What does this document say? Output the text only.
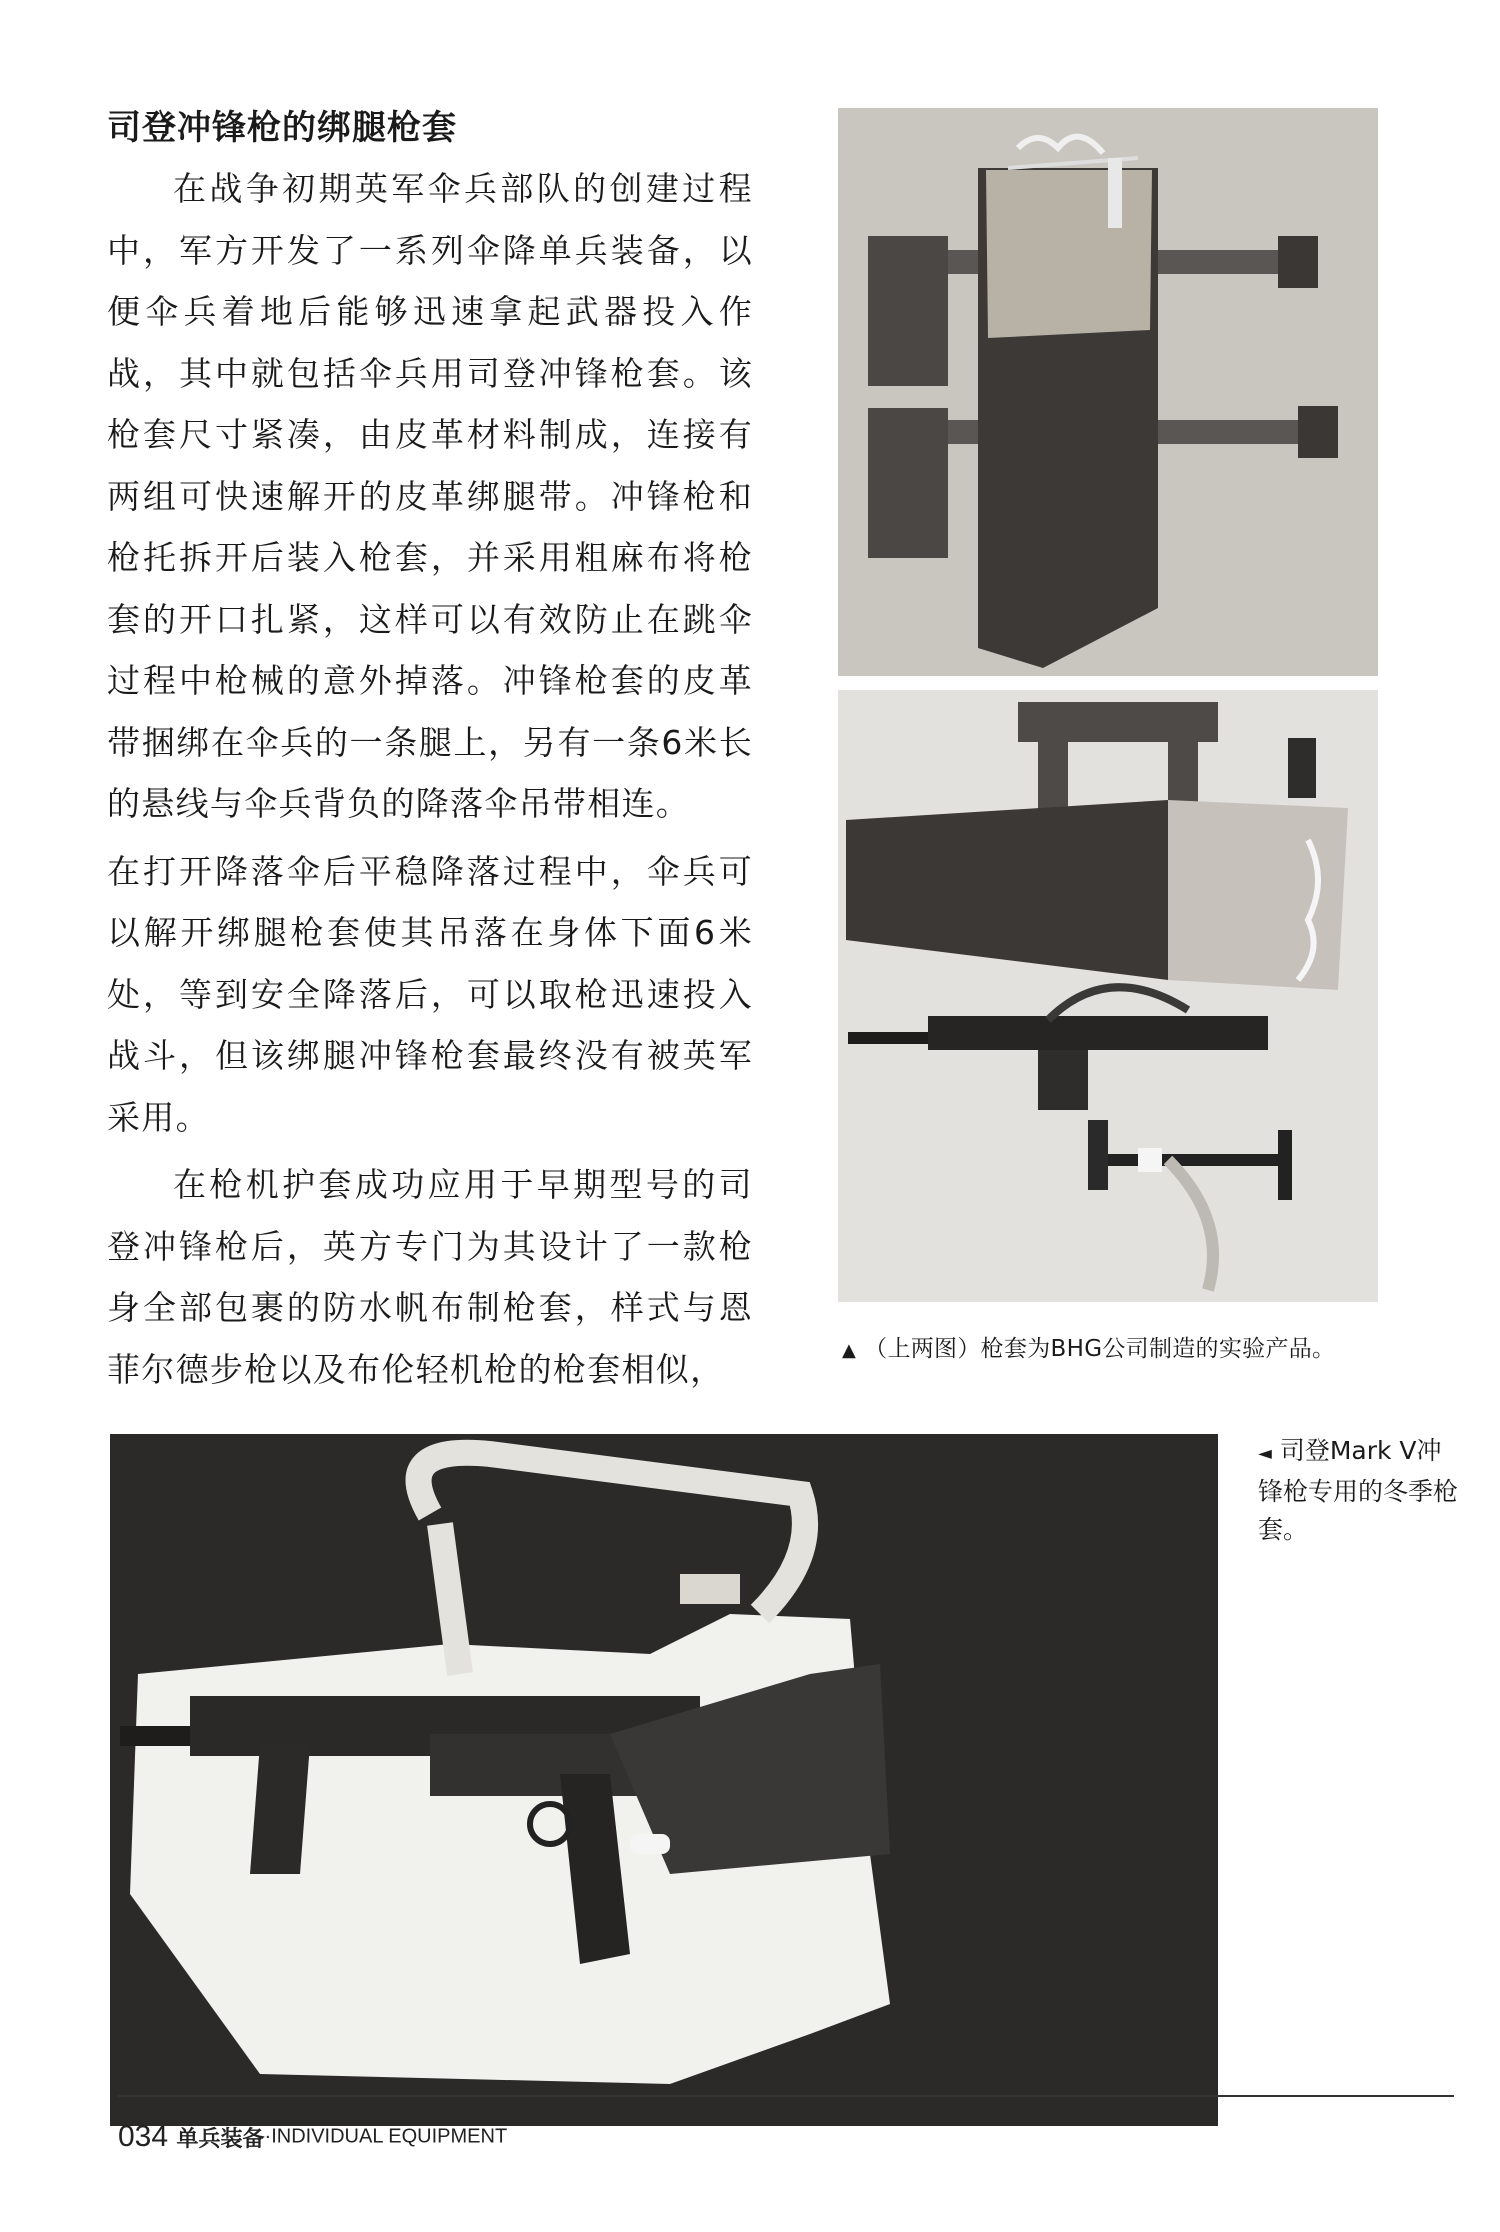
司登冲锋枪的绑腿枪套

在战争初期英军伞兵部队的创建过程中，军方开发了一系列伞降单兵装备，以便伞兵着地后能够迅速拿起武器投入作战，其中就包括伞兵用司登冲锋枪套。该枪套尺寸紧凑，由皮革材料制成，连接有两组可快速解开的皮革绑腿带。冲锋枪和枪托拆开后装入枪套，并采用粗麻布将枪套的开口扎紧，这样可以有效防止在跳伞过程中枪械的意外掉落。冲锋枪套的皮革带捆绑在伞兵的一条腿上，另有一条6米长的悬线与伞兵背负的降落伞吊带相连。

在打开降落伞后平稳降落过程中，伞兵可以解开绑腿枪套使其吊落在身体下面6米处，等到安全降落后，可以取枪迅速投入战斗，但该绑腿冲锋枪套最终没有被英军采用。

在枪机护套成功应用于早期型号的司登冲锋枪后，英方专门为其设计了一款枪身全部包裹的防水帆布制枪套，样式与恩菲尔德步枪以及布伦轻机枪的枪套相似，	▲ （上两图）枪套为BHG公司制造的实验产品。
◄ 司登Mark V冲锋枪专用的冬季枪套。
034 单兵装备·INDIVIDUAL EQUIPMENT
